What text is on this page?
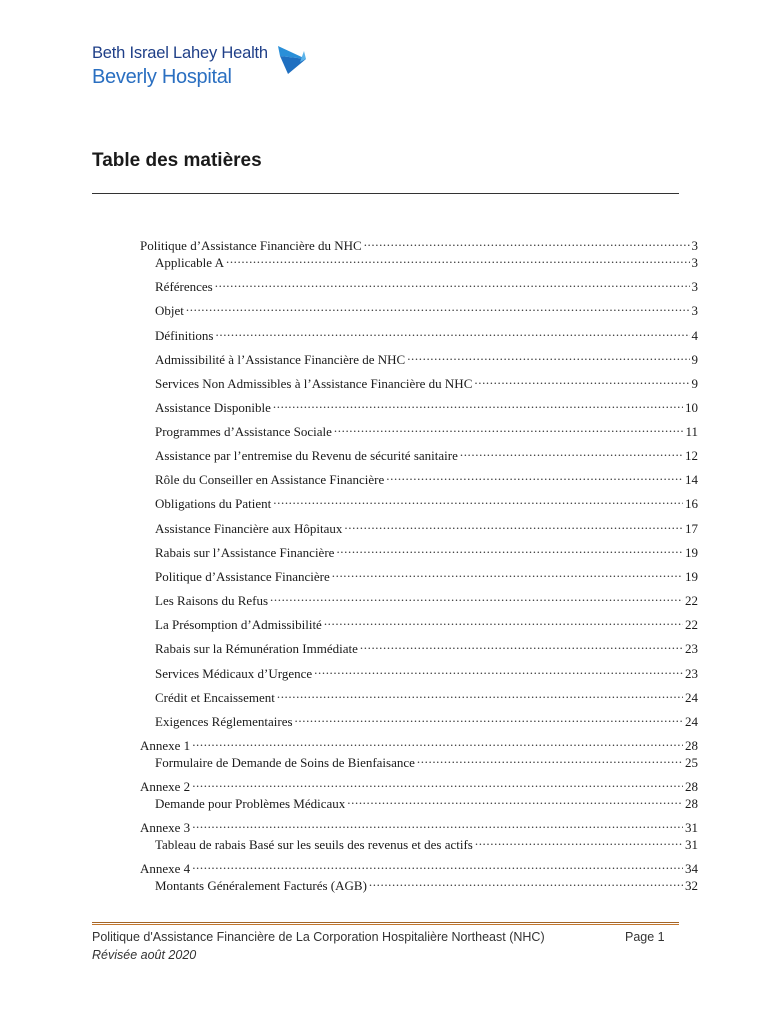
Beth Israel Lahey Health
Beverly Hospital
Table des matières
Politique d’Assistance Financière du NHC .....	3
Applicable A .....	3
Références .....	3
Objet .....	3
Définitions .....	4
Admissibilité à l’Assistance Financière de NHC .....	9
Services Non Admissibles à l’Assistance Financière du NHC .....	9
Assistance Disponible .....	10
Programmes d’Assistance Sociale .....	11
Assistance par l’entremise du Revenu de sécurité sanitaire .....	12
Rôle du Conseiller en Assistance Financière .....	14
Obligations du Patient .....	16
Assistance Financière aux Hôpitaux .....	17
Rabais sur l’Assistance Financière .....	19
Politique d’Assistance Financière .....	19
Les Raisons du Refus .....	22
La Présomption d’Admissibilité .....	22
Rabais sur la Rémunération Immédiate .....	23
Services Médicaux d’Urgence .....	23
Crédit et Encaissement .....	24
Exigences Réglementaires .....	24
Annexe 1 .....	28
Formulaire de Demande de Soins de Bienfaisance .....	25
Annexe 2 .....	28
Demande pour Problèmes Médicaux .....	28
Annexe 3 .....	31
Tableau de rabais Basé sur les seuils des revenus et des actifs .....	31
Annexe 4 .....	34
Montants Généralement Facturés (AGB) .....	32
Politique d'Assistance Financière de La Corporation Hospitalière Northeast (NHC)	Page 1
Révisée août 2020
